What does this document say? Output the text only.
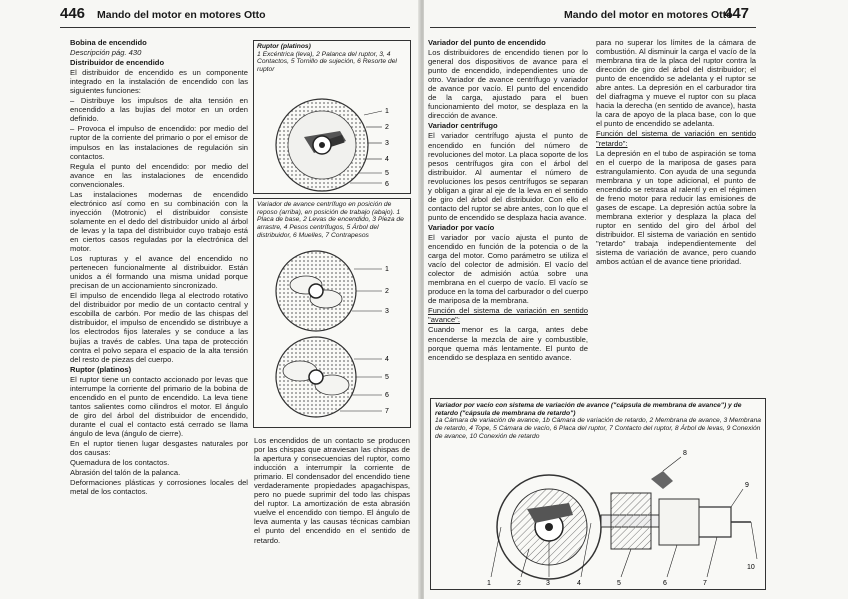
446 Mando del motor en motores Otto

Bobina de encendido

Descripción pág. 430

Distribuidor de encendido

El distribuidor de encendido es un componente integrado en la instalación de encendido con las siguientes funciones:

– Distribuye los impulsos de alta tensión en encendido a las bujías del motor en un orden definido.

– Provoca el impulso de encendido: por medio del ruptor de la corriente del primario o por el emisor de impulsos en las instalaciones de regulación sin contactos.

Regula el punto del encendido: por medio del avance en las instalaciones de encendido convencionales.

Las instalaciones modernas de encendido electrónico así como en su combinación con la inyección (Motronic) el distribuidor consiste solamente en el dedo del distribuidor unido al árbol de levas y la tapa del distribuidor cuyo trabajo está en ciertos casos reguladas por la electrónica del motor.

Los rupturas y el avance del encendido no pertenecen funcionalmente al distribuidor. Están unidos a él formando una misma unidad porque precisan de un accionamiento sincronizado.

El impulso de encendido llega al electrodo rotativo del distribuidor por medio de un contacto central y escobilla de carbón. Por medio de las chispas del distribuidor, el impulso de encendido se distribuye a los electrodos fijos laterales y se conduce a las bujías a través de cables. Una tapa de protección contra el polvo separa el espacio de la alta tensión del resto de piezas del cuerpo.

Ruptor (platinos)

El ruptor tiene un contacto accionado por levas que interrumpe la corriente del primario de la bobina de encendido en el punto de encendido. La leva tiene tantos salientes como cilindros el motor. El ángulo de giro del árbol del distribuidor de encendido, durante el cual el contacto está cerrado se llama ángulo de leva (ángulo de cierre).

En el ruptor tienen lugar desgastes naturales por dos causas:

Quemadura de los contactos.

Abrasión del talón de la palanca.

Deformaciones plásticas y corrosiones locales del metal de los contactos.

Ruptor (platinos)
1 Excéntrica (leva), 2 Palanca del ruptor, 3, 4 Contactos, 5 Tornillo de sujeción, 6 Resorte del ruptor
1
2
3
4
5
6
Variador de avance centrífugo en posición de reposo (arriba), en posición de trabajo (abajo). 1 Placa de base, 2 Levas de encendido, 3 Pieza de arrastre, 4 Pesos centrífugos, 5 Árbol del distribuidor, 6 Muelles, 7 Contrapesos
1
2
3
4
5
6
7

Los encendidos de un contacto se producen por las chispas que atraviesan las chispas de la apertura y consecuencias del ruptor, como inducción a interrumpir la corriente de primario. El condensador del encendido tiene verdaderamente propiedades apagachispas, pero no puede suprimir del todo las chispas del ruptor. La amortización de esta abrasión vuelve el encendido con tiempo. El ángulo de leva aumenta y las causas técnicas cambian el punto del encendido en el sentido de retardo.

Mando del motor en motores Otto
447

Variador del punto de encendido

Los distribuidores de encendido tienen por lo general dos dispositivos de avance para el punto de encendido, independientes uno de otro. Variador de avance centrífugo y variador de avance por vacío. El punto del encendido de la carga, ajustado para el buen funcionamiento del motor, se desplaza en la dirección de avance.

Variador centrífugo

El variador centrífugo ajusta el punto de encendido en función del número de revoluciones del motor. La placa soporte de los pesos centrífugos gira con el árbol del distribuidor. Al aumentar el número de revoluciones los pesos centrífugos se separan y obligan a girar al eje de la leva en el sentido de giro del árbol del distribuidor. Con ello el contacto del ruptor se abre antes, con lo que el punto de encendido se desplaza hacia avance.

Variador por vacío

El variador por vacío ajusta el punto de encendido en función de la potencia o de la carga del motor. Como parámetro se utiliza el vacío del colector de admisión. El vacío del colector de admisión actúa sobre una membrana en el cuerpo de vacío. El vacío se produce en la toma del carburador o del cuerpo de mariposa de la membrana.

Función del sistema de variación en sentido "avance":

Cuando menor es la carga, antes debe encenderse la mezcla de aire y combustible, porque quema más lentamente. El punto de encendido se desplaza en sentido avance.

para no superar los límites de la cámara de combustión. Al disminuir la carga el vacío de la membrana tira de la placa del ruptor contra la dirección de giro del árbol del distribuidor; el punto de encendido se adelanta y el ruptor se abre antes. La depresión en el carburador tira del diafragma y mueve el ruptor con su placa hacia la derecha (en sentido de avance), hasta la cara de apoyo de la placa base, con lo que el punto de encendido se adelanta.

Función del sistema de variación en sentido "retardo":

La depresión en el tubo de aspiración se toma en el cuerpo de la mariposa de gases para estrangulamiento. Con ayuda de una segunda membrana y un tope adicional, el punto de encendido se retrasa al ralentí y en el régimen de freno motor para reducir las emisiones de gases de escape. La depresión actúa sobre la membrana exterior y desplaza la placa del ruptor en sentido del giro del árbol del distribuidor. El sistema de variación en sentido "retardo" trabaja independientemente del sistema de variación de avance, pero cuando ambos actúan el de avance tiene prioridad.

Variador por vacío con sistema de variación de avance ("cápsula de membrana de avance") y de retardo ("cápsula de membrana de retardo")
1a Cámara de variación de avance, 1b Cámara de variación de retardo, 2 Membrana de avance, 3 Membrana de retardo, 4 Tope, 5 Cámara de vacío, 6 Placa del ruptor, 7 Contacto del ruptor, 8 Árbol de levas, 9 Conexión de avance, 10 Conexión de retardo
1	2	3	4	5	6	7
8
9
10
